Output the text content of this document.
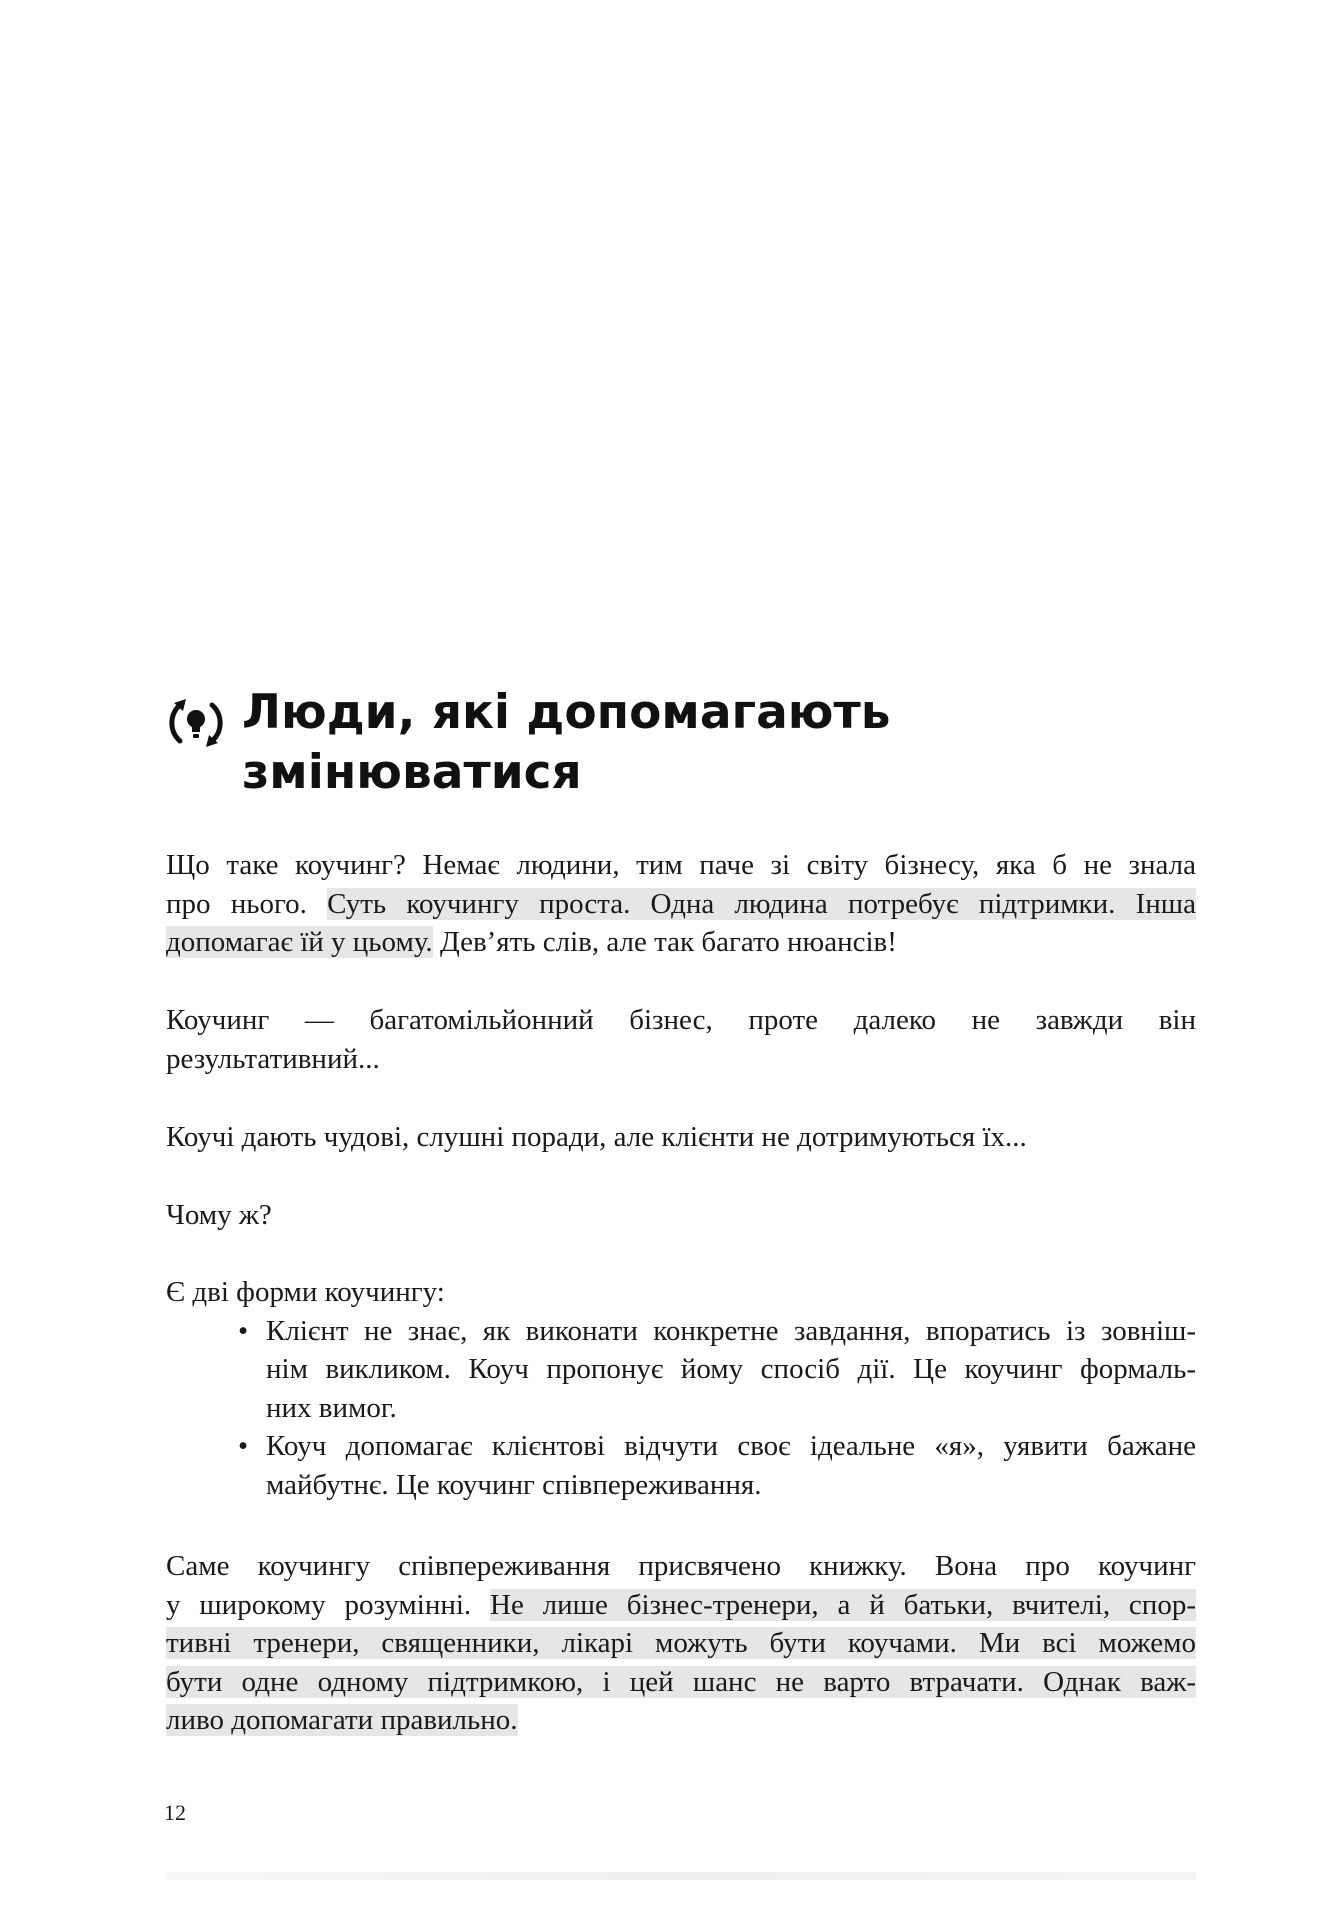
Люди, які допомагають
змінюватися
Що таке коучинг? Немає людини, тим паче зі світу бізнесу, яка б не знала
про нього. Суть коучингу проста. Одна людина потребує підтримки. Інша
допомагає їй у цьому. Дев’ять слів, але так багато нюансів!
Коучинг — багатомільйонний бізнес, проте далеко не завжди він
результативний...
Коучі дають чудові, слушні поради, але клієнти не дотримуються їх...
Чому ж?
Є дві форми коучингу:
• Клієнт не знає, як виконати конкретне завдання, впоратись із зовніш-
нім викликом. Коуч пропонує йому спосіб дії. Це коучинг формаль-
них вимог.
• Коуч допомагає клієнтові відчути своє ідеальне «я», уявити бажане
майбутнє. Це коучинг співпереживання.
Саме коучингу співпереживання присвячено книжку. Вона про коучинг
у широкому розумінні. Не лише бізнес-тренери, а й батьки, вчителі, спор-
тивні тренери, священники, лікарі можуть бути коучами. Ми всі можемо
бути одне одному підтримкою, і цей шанс не варто втрачати. Однак важ-
ливо допомагати правильно.
12
